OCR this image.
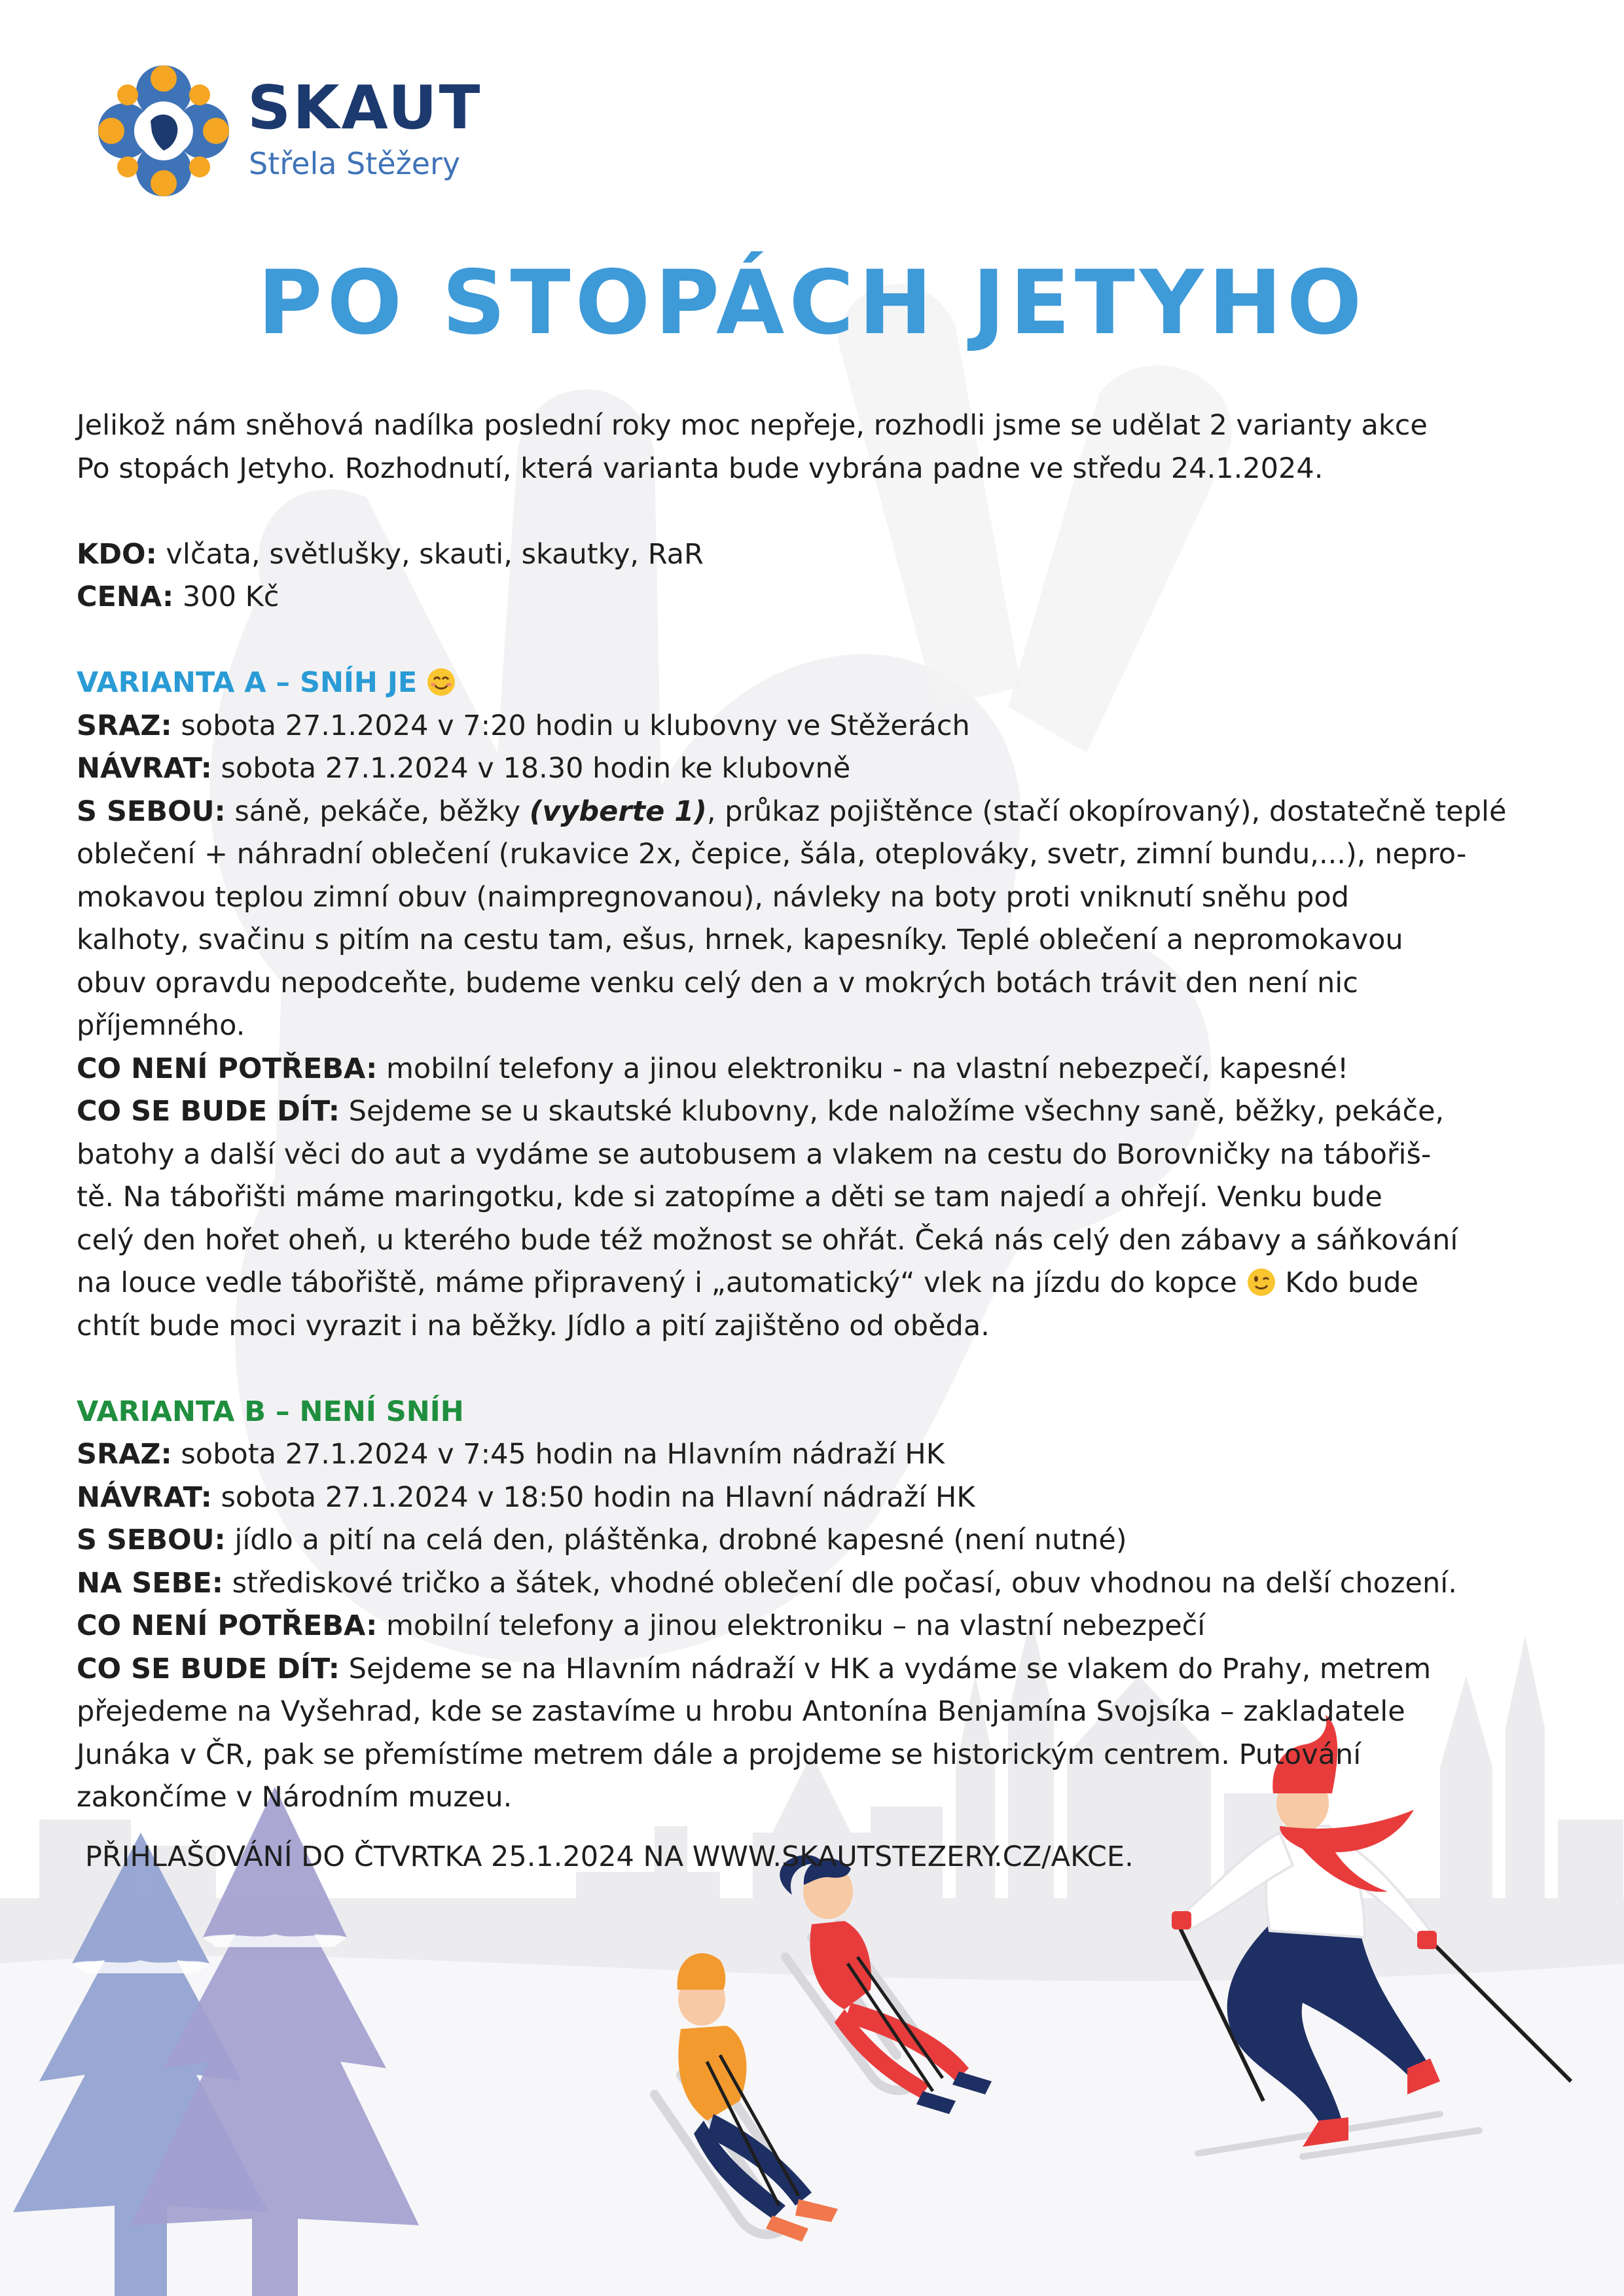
SKAUT

Střela Stěžery

PO STOPÁCH JETYHO

Jelikož nám sněhová nadílka poslední roky moc nepřeje, rozhodli jsme se udělat 2 varianty akce

Po stopách Jetyho. Rozhodnutí, která varianta bude vybrána padne ve středu 24.1.2024.

KDO: vlčata, světlušky, skauti, skautky, RaR

CENA: 300 Kč

VARIANTA A – SNÍH JE

SRAZ: sobota 27.1.2024 v 7:20 hodin u klubovny ve Stěžerách

NÁVRAT: sobota 27.1.2024 v 18.30 hodin ke klubovně

S SEBOU: sáně, pekáče, běžky (vyberte 1), průkaz pojištěnce (stačí okopírovaný), dostatečně teplé

oblečení + náhradní oblečení (rukavice 2x, čepice, šála, oteplováky, svetr, zimní bundu,...), nepro-

mokavou teplou zimní obuv (naimpregnovanou), návleky na boty proti vniknutí sněhu pod

kalhoty, svačinu s pitím na cestu tam, ešus, hrnek, kapesníky. Teplé oblečení a nepromokavou

obuv opravdu nepodceňte, budeme venku celý den a v mokrých botách trávit den není nic

příjemného.

CO NENÍ POTŘEBA: mobilní telefony a jinou elektroniku - na vlastní nebezpečí, kapesné!

CO SE BUDE DÍT: Sejdeme se u skautské klubovny, kde naložíme všechny saně, běžky, pekáče,

batohy a další věci do aut a vydáme se autobusem a vlakem na cestu do Borovničky na tábořiš-

tě. Na tábořišti máme maringotku, kde si zatopíme a děti se tam najedí a ohřejí. Venku bude

celý den hořet oheň, u kterého bude též možnost se ohřát. Čeká nás celý den zábavy a sáňkování

na louce vedle tábořiště, máme připravený i „automatický“ vlek na jízdu do kopce  Kdo bude

chtít bude moci vyrazit i na běžky. Jídlo a pití zajištěno od oběda.

VARIANTA B – NENÍ SNÍH

SRAZ: sobota 27.1.2024 v 7:45 hodin na Hlavním nádraží HK

NÁVRAT: sobota 27.1.2024 v 18:50 hodin na Hlavní nádraží HK

S SEBOU: jídlo a pití na celá den, pláštěnka, drobné kapesné (není nutné)

NA SEBE: střediskové tričko a šátek, vhodné oblečení dle počasí, obuv vhodnou na delší chození.

CO NENÍ POTŘEBA: mobilní telefony a jinou elektroniku – na vlastní nebezpečí

CO SE BUDE DÍT: Sejdeme se na Hlavním nádraží v HK a vydáme se vlakem do Prahy, metrem

přejedeme na Vyšehrad, kde se zastavíme u hrobu Antonína Benjamína Svojsíka – zakladatele

Junáka v ČR, pak se přemístíme metrem dále a projdeme se historickým centrem. Putování

zakončíme v Národním muzeu.

PŘIHLAŠOVÁNÍ DO ČTVRTKA 25.1.2024 NA WWW.SKAUTSTEZERY.CZ/AKCE.
